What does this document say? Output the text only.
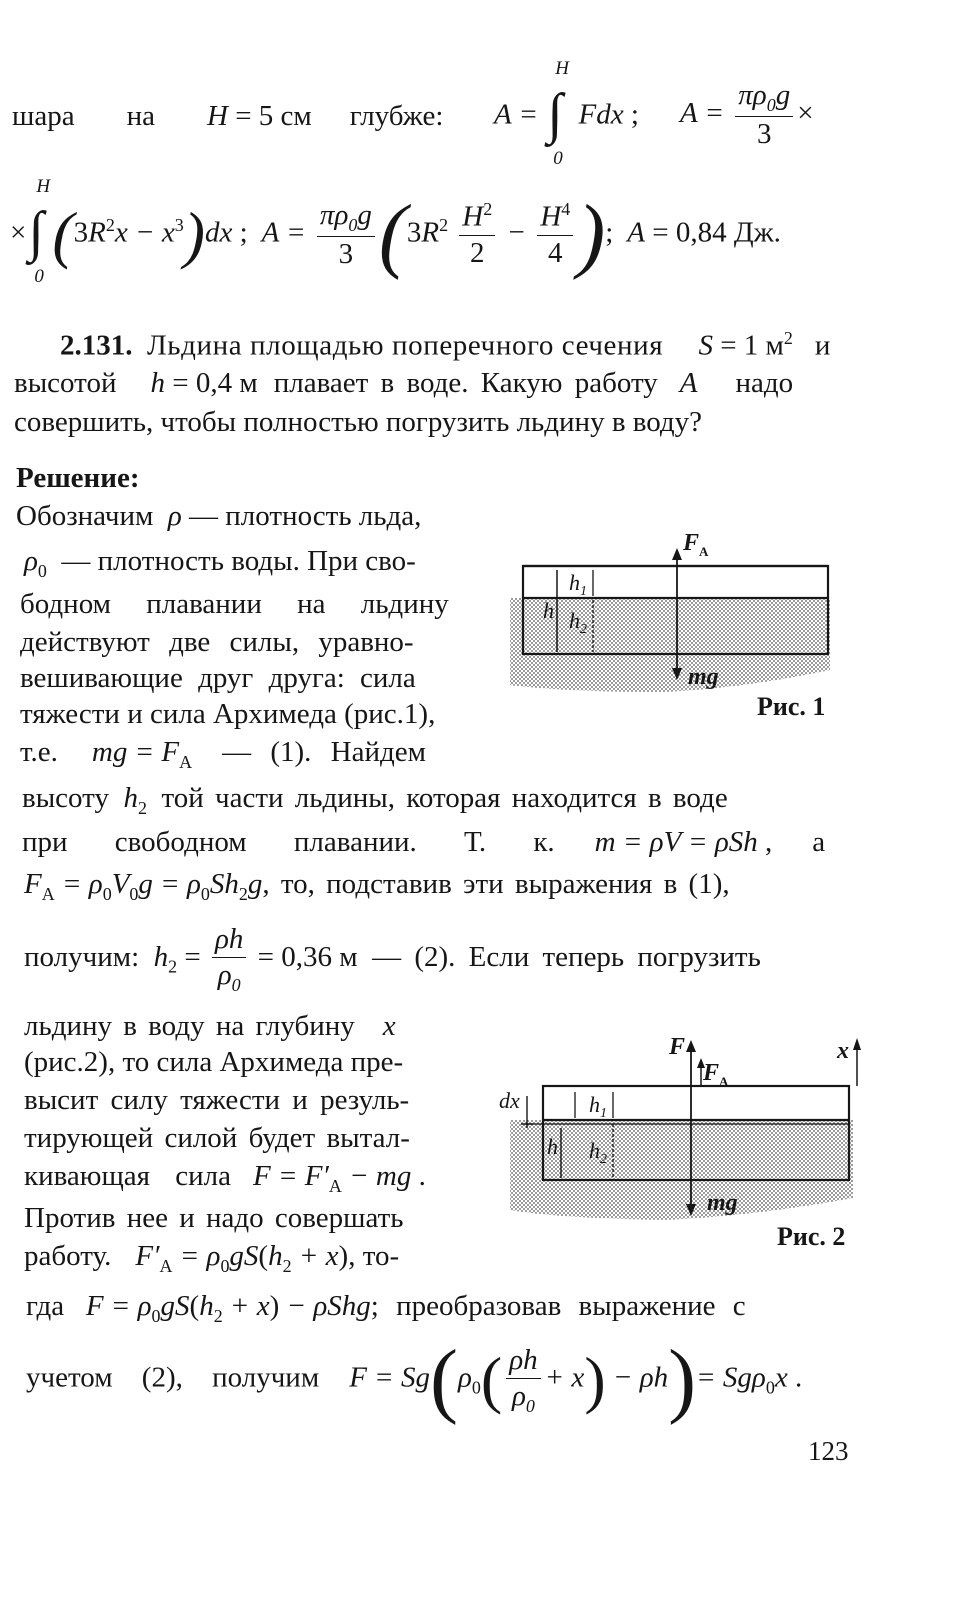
шара на H = 5 см глубже: A = ∫
H
0
Fdx ; $A = \frac{\pi\rho_0g}{3}$ ×
× ∫
H
0
$(3R^2x - x^3)dx$ ;  $A = \frac{\pi\rho_0g}{3} (3R^2 \frac{H^2}{2} - \frac{H^4}{4}$ );  A = 0,84 Дж.
2.131. Льдина площадью поперечного сечения S = 1 $м^2$ и
высотой h = 0,4 м плавает в воде. Какую работу A надо
совершить, чтобы полностью погрузить льдину в воду?
Решение:
Обозначим ρ — плотность льда,
$\rho_0$ — плотность воды. При сво-
бодном плавании на льдину
действуют две силы, уравно-
вешивающие друг друга: сила
тяжести и сила Архимеда (рис.1),
т.е. mg = $F_A$ — (1). Найдем
высоту $h_2$ той части льдины, которая находится в воде
при свободном плавании. Т. к. m = ρV = ρSh , а
$F_A = \rho_0V_0g = \rho_0Sh_2g$, то, подставив эти выражения в (1),
получим: $h_2 = \frac{\rho h}{\rho_0} = 0,36$ м  — (2). Если теперь погрузить
льдину в воду на глубину x
(рис.2), то сила Архимеда пре-
высит силу тяжести и резуль-
тирующей силой будет вытал-
кивающая сила $F = F'_A$ − mg .
Против нее и надо совершать
работу. $F'_A = \rho_0gS(h_2 + x)$, то-
гда $F = \rho_0gS(h_2 + x) - \rho Shg$; преобразовав выражение с
учетом (2), получим $F = Sg(\rho_0( \frac{\rho h}{\rho_0} + x) - \rho h)= Sg\rho_0x$ .
h
$h_1$
$h_2$
$F_A$
mg
Рис. 1
dx
h
$h_1$
$h_2$
F
$F_A$
mg
x
Рис. 2
123
